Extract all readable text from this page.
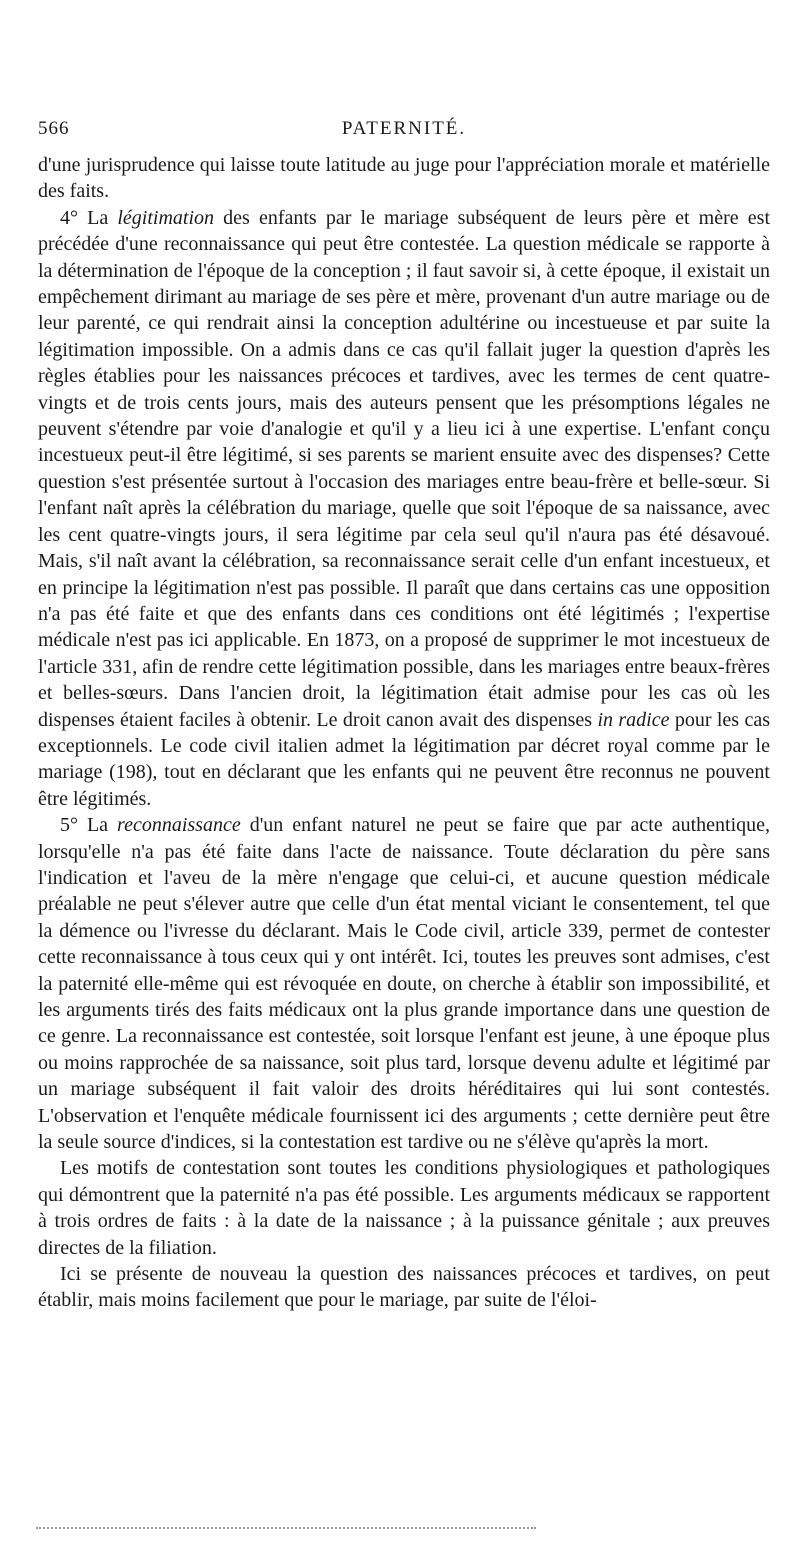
566	PATERNITÉ.

d'une jurisprudence qui laisse toute latitude au juge pour l'appréciation morale et matérielle des faits.

4° La légitimation des enfants par le mariage subséquent de leurs père et mère est précédée d'une reconnaissance qui peut être contestée. La question médicale se rapporte à la détermination de l'époque de la conception ; il faut savoir si, à cette époque, il existait un empêchement dirimant au mariage de ses père et mère, provenant d'un autre mariage ou de leur parenté, ce qui rendrait ainsi la conception adultérine ou incestueuse et par suite la légitimation impossible. On a admis dans ce cas qu'il fallait juger la question d'après les règles établies pour les naissances précoces et tardives, avec les termes de cent quatre-vingts et de trois cents jours, mais des auteurs pensent que les présomptions légales ne peuvent s'étendre par voie d'analogie et qu'il y a lieu ici à une expertise. L'enfant conçu incestueux peut-il être légitimé, si ses parents se marient ensuite avec des dispenses? Cette question s'est présentée surtout à l'occasion des mariages entre beau-frère et belle-sœur. Si l'enfant naît après la célébration du mariage, quelle que soit l'époque de sa naissance, avec les cent quatre-vingts jours, il sera légitime par cela seul qu'il n'aura pas été désavoué. Mais, s'il naît avant la célébration, sa reconnaissance serait celle d'un enfant incestueux, et en principe la légitimation n'est pas possible. Il paraît que dans certains cas une opposition n'a pas été faite et que des enfants dans ces conditions ont été légitimés ; l'expertise médicale n'est pas ici applicable. En 1873, on a proposé de supprimer le mot incestueux de l'article 331, afin de rendre cette légitimation possible, dans les mariages entre beaux-frères et belles-sœurs. Dans l'ancien droit, la légitimation était admise pour les cas où les dispenses étaient faciles à obtenir. Le droit canon avait des dispenses in radice pour les cas exceptionnels. Le code civil italien admet la légitimation par décret royal comme par le mariage (198), tout en déclarant que les enfants qui ne peuvent être reconnus ne pouvent être légitimés.

5° La reconnaissance d'un enfant naturel ne peut se faire que par acte authentique, lorsqu'elle n'a pas été faite dans l'acte de naissance. Toute déclaration du père sans l'indication et l'aveu de la mère n'engage que celui-ci, et aucune question médicale préalable ne peut s'élever autre que celle d'un état mental viciant le consentement, tel que la démence ou l'ivresse du déclarant. Mais le Code civil, article 339, permet de contester cette reconnaissance à tous ceux qui y ont intérêt. Ici, toutes les preuves sont admises, c'est la paternité elle-même qui est révoquée en doute, on cherche à établir son impossibilité, et les arguments tirés des faits médicaux ont la plus grande importance dans une question de ce genre. La reconnaissance est contestée, soit lorsque l'enfant est jeune, à une époque plus ou moins rapprochée de sa naissance, soit plus tard, lorsque devenu adulte et légitimé par un mariage subséquent il fait valoir des droits héréditaires qui lui sont contestés. L'observation et l'enquête médicale fournissent ici des arguments ; cette dernière peut être la seule source d'indices, si la contestation est tardive ou ne s'élève qu'après la mort.

Les motifs de contestation sont toutes les conditions physiologiques et pathologiques qui démontrent que la paternité n'a pas été possible. Les arguments médicaux se rapportent à trois ordres de faits : à la date de la naissance ; à la puissance génitale ; aux preuves directes de la filiation.

Ici se présente de nouveau la question des naissances précoces et tardives, on peut établir, mais moins facilement que pour le mariage, par suite de l'éloi-
